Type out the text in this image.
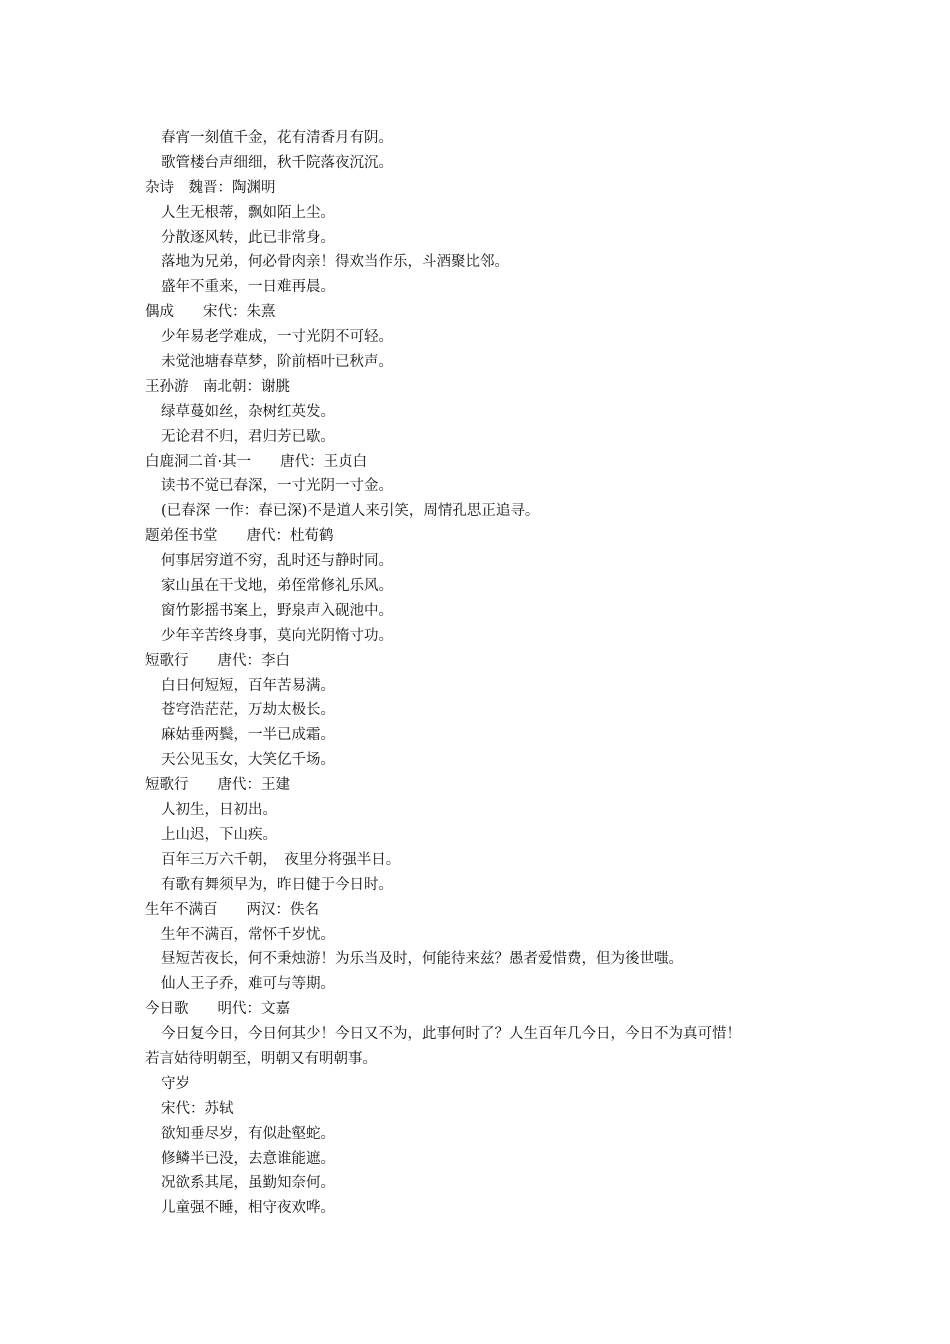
春宵一刻值千金，花有清香月有阴。
歌管楼台声细细，秋千院落夜沉沉。
杂诗　魏晋：陶渊明
人生无根蒂，飘如陌上尘。
分散逐风转，此已非常身。
落地为兄弟，何必骨肉亲！得欢当作乐，斗酒聚比邻。
盛年不重来，一日难再晨。
偶成　　宋代：朱熹
少年易老学难成，一寸光阴不可轻。
未觉池塘春草梦，阶前梧叶已秋声。
王孙游　南北朝：谢朓
绿草蔓如丝，杂树红英发。
无论君不归，君归芳已歇。
白鹿洞二首·其一　　唐代：王贞白
读书不觉已春深，一寸光阴一寸金。
(已春深 一作：春已深)不是道人来引笑，周情孔思正追寻。
题弟侄书堂　　唐代：杜荀鹤
何事居穷道不穷，乱时还与静时同。
家山虽在干戈地，弟侄常修礼乐风。
窗竹影摇书案上，野泉声入砚池中。
少年辛苦终身事，莫向光阴惰寸功。
短歌行　　唐代：李白
白日何短短，百年苦易满。
苍穹浩茫茫，万劫太极长。
麻姑垂两鬓，一半已成霜。
天公见玉女，大笑亿千场。
短歌行　　唐代：王建
人初生，日初出。
上山迟，下山疾。
百年三万六千朝，　夜里分将强半日。
有歌有舞须早为，昨日健于今日时。
生年不满百　　两汉：佚名
生年不满百，常怀千岁忧。
昼短苦夜长，何不秉烛游！为乐当及时，何能待来兹？愚者爱惜费，但为後世嗤。
仙人王子乔，难可与等期。
今日歌　　明代：文嘉
今日复今日，今日何其少！今日又不为，此事何时了？人生百年几今日，今日不为真可惜！
若言姑待明朝至，明朝又有明朝事。
守岁
宋代：苏轼
欲知垂尽岁，有似赴壑蛇。
修鳞半已没，去意谁能遮。
况欲系其尾，虽勤知奈何。
儿童强不睡，相守夜欢哗。
